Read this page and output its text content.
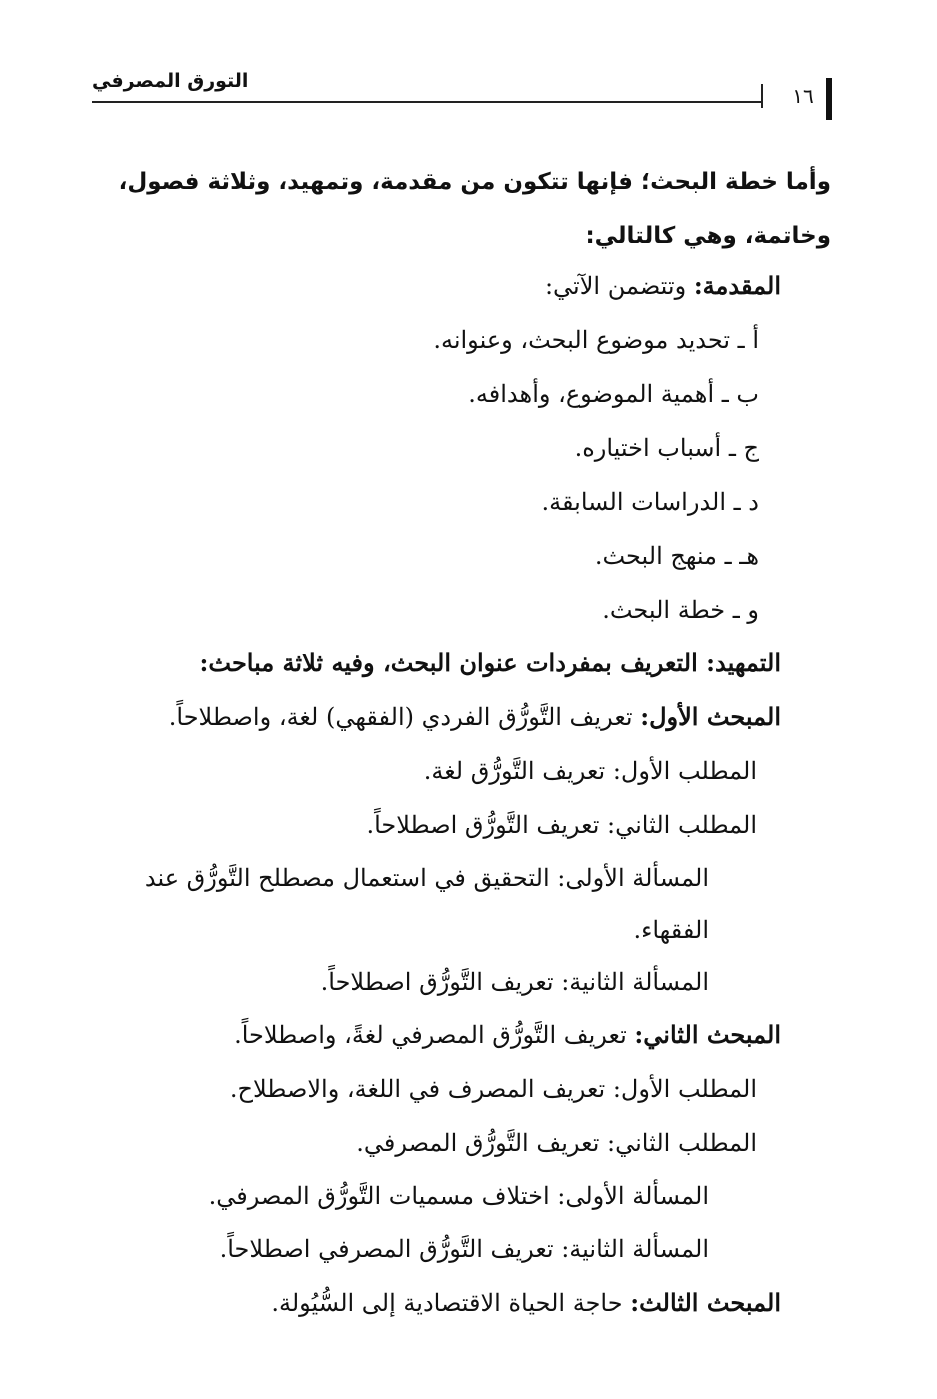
التورق المصرفي
١٦
وأما خطة البحث؛ فإنها تتكون من مقدمة، وتمهيد، وثلاثة فصول،
وخاتمة، وهي كالتالي:
المقدمة: وتتضمن الآتي:
أ ـ تحديد موضوع البحث، وعنوانه.
ب ـ أهمية الموضوع، وأهدافه.
ج ـ أسباب اختياره.
د ـ الدراسات السابقة.
هـ ـ منهج البحث.
و ـ خطة البحث.
التمهيد: التعريف بمفردات عنوان البحث، وفيه ثلاثة مباحث:
المبحث الأول: تعريف التَّورُّق الفردي (الفقهي) لغة، واصطلاحاً.
المطلب الأول: تعريف التَّورُّق لغة.
المطلب الثاني: تعريف التَّورُّق اصطلاحاً.
المسألة الأولى: التحقيق في استعمال مصطلح التَّورُّق عند
الفقهاء.
المسألة الثانية: تعريف التَّورُّق اصطلاحاً.
المبحث الثاني: تعريف التَّورُّق المصرفي لغةً، واصطلاحاً.
المطلب الأول: تعريف المصرف في اللغة، والاصطلاح.
المطلب الثاني: تعريف التَّورُّق المصرفي.
المسألة الأولى: اختلاف مسميات التَّورُّق المصرفي.
المسألة الثانية: تعريف التَّورُّق المصرفي اصطلاحاً.
المبحث الثالث: حاجة الحياة الاقتصادية إلى السُّيُولة.
